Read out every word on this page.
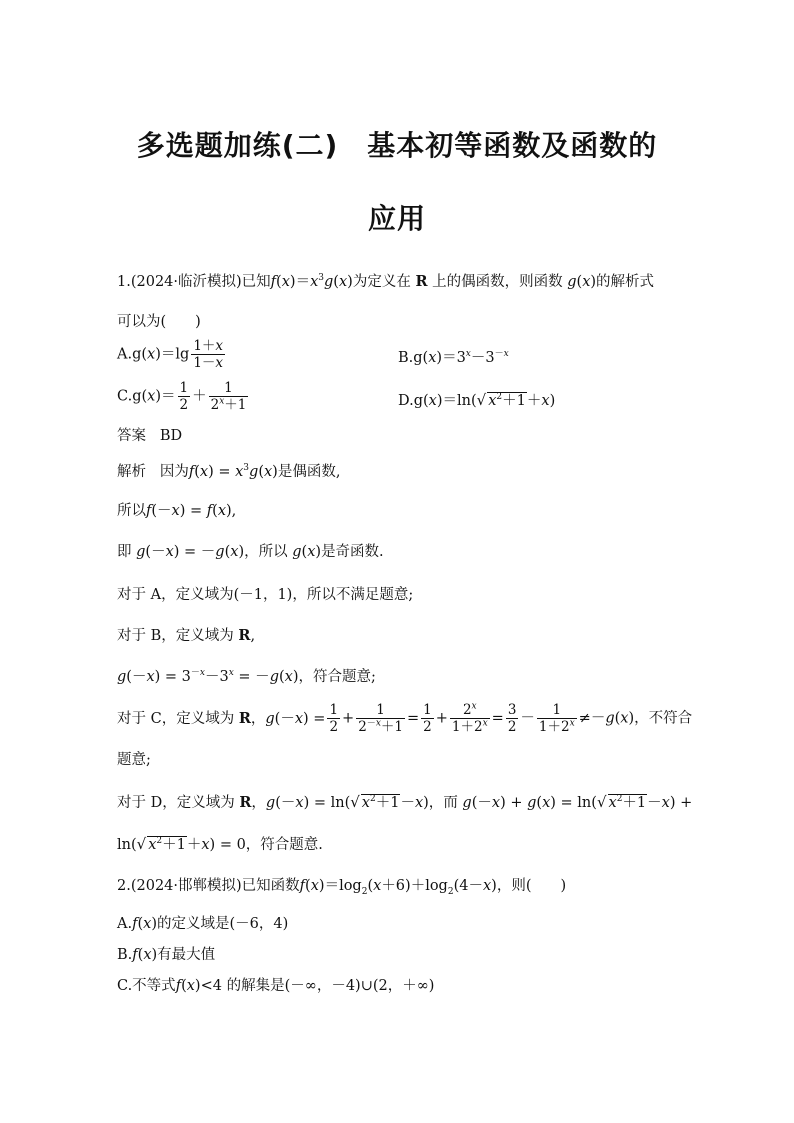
多选题加练(二)　基本初等函数及函数的
应用
1.(2024·临沂模拟)已知$f(x)=x^3g(x)$为定义在 R 上的偶函数，则函数 g(x)的解析式
可以为(　　)
$A.g(x)=\lg \frac{1+x}{1-x}$	$B.g(x)=3^x-3^{-x}$
$C.g(x)= \frac{1}{2} + \frac{1}{2^x+1}$	D.g(x)＝ln(√ $x^2+1+x$)
答案 BD
解析 因为$f(x) = x^3g(x)$是偶函数,
所以f(－x) = f(x),
即 g(－x) = －g(x)，所以 g(x)是奇函数.
对于 A，定义域为(－1，1)，所以不满足题意;
对于 B，定义域为 R,
$g(-x) = 3^{-x}-3^x = -g(x)$，符合题意;
对于 C，定义域为 R，$g(-x) = \frac{1}{2} + \frac{1}{2^{-x}+1} = \frac{1}{2} + \frac{2^x}{1+2^x} = \frac{3}{2} - \frac{1}{1+2^x} \ne-g(x)$，不符合
题意;
对于 D，定义域为 R，g(－x) = ln(√ $x^2+1-x$)，而 g(－x) + g(x) = ln(√ $x^2+1-x$) +
ln(√ $x^2+1+x) = 0$，符合题意.
2.(2024·邯郸模拟)已知函数$f(x)=\log_2(x+6)+\log_2(4-x)$，则(　　)
A.f(x)的定义域是(－6，4)
B.f(x)有最大值
C.不等式f(x)<4 的解集是(－∞，－4)∪(2，＋∞)
